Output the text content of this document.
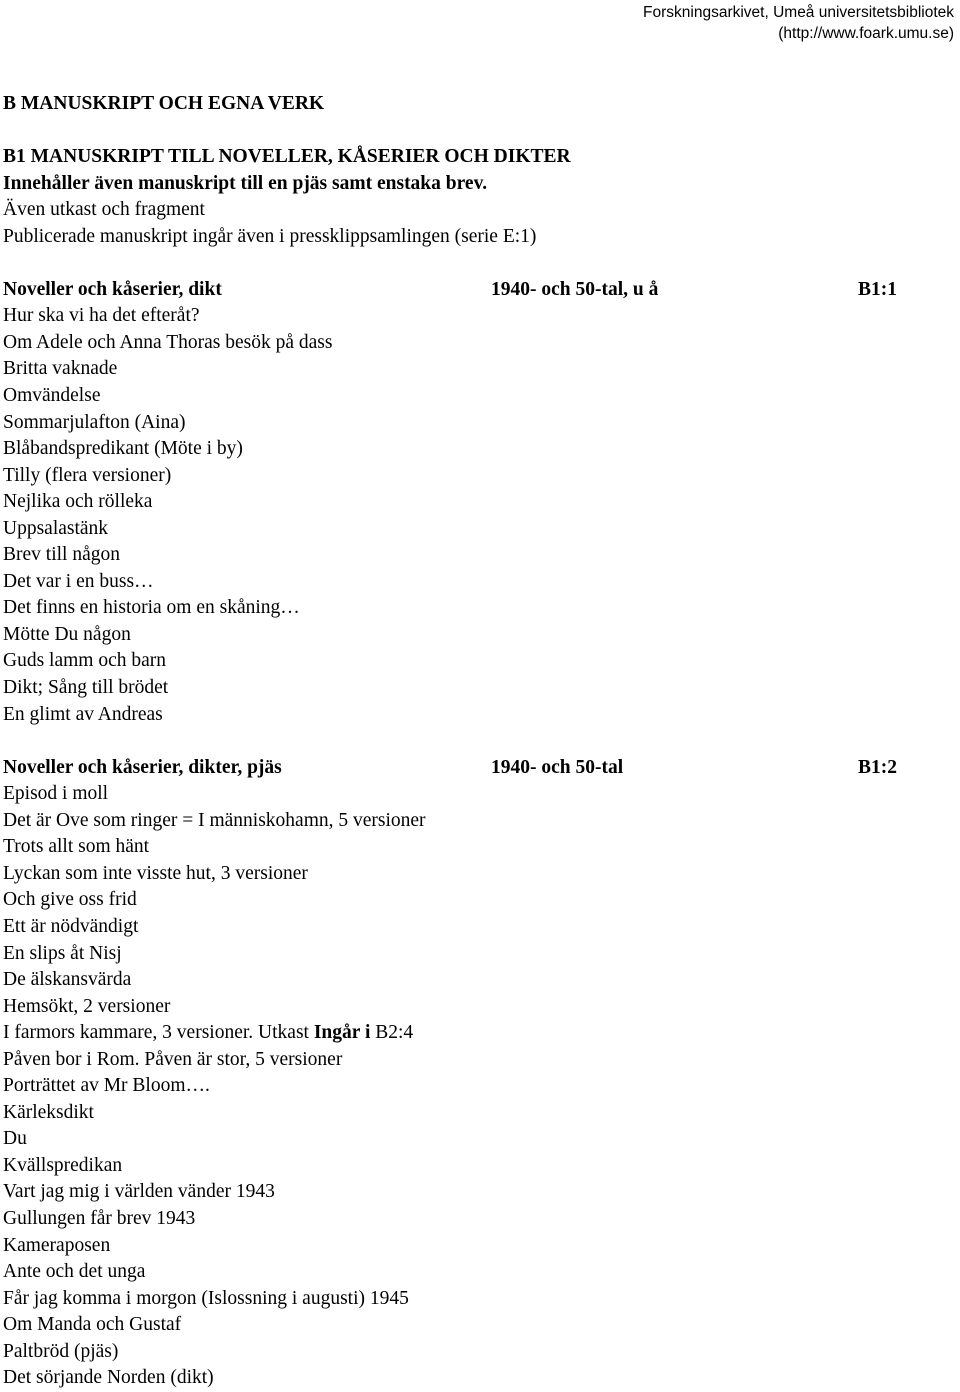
Forskningsarkivet, Umeå universitetsbibliotek
(http://www.foark.umu.se)
B MANUSKRIPT OCH EGNA VERK
B1 MANUSKRIPT TILL NOVELLER, KÅSERIER OCH DIKTER
Innehåller även manuskript till en pjäs samt enstaka brev.
Även utkast och fragment
Publicerade manuskript ingår även i pressklippsamlingen (serie E:1)
Noveller och kåserier, dikt	1940- och 50-tal, u å	B1:1
Hur ska vi ha det efteråt?
Om Adele och Anna Thoras besök på dass
Britta vaknade
Omvändelse
Sommarjulafton (Aina)
Blåbandspredikant (Möte i by)
Tilly (flera versioner)
Nejlika och rölleka
Uppsalastänk
Brev till någon
Det var i en buss…
Det finns en historia om en skåning…
Mötte Du någon
Guds lamm och barn
Dikt; Sång till brödet
En glimt av Andreas
Noveller och kåserier, dikter, pjäs	1940- och 50-tal	B1:2
Episod i moll
Det är Ove som ringer = I människohamn, 5 versioner
Trots allt som hänt
Lyckan som inte visste hut, 3 versioner
Och give oss frid
Ett är nödvändigt
En slips åt Nisj
De älskansvärda
Hemsökt, 2 versioner
I farmors kammare, 3 versioner. Utkast Ingår i B2:4
Påven bor i Rom. Påven är stor, 5 versioner
Porträttet av Mr Bloom….
Kärleksdikt
Du
Kvällspredikan
Vart jag mig i världen vänder 1943
Gullungen får brev 1943
Kameraposen
Ante och det unga
Får jag komma i morgon (Islossning i augusti) 1945
Om Manda och Gustaf
Paltbröd (pjäs)
Det sörjande Norden (dikt)
